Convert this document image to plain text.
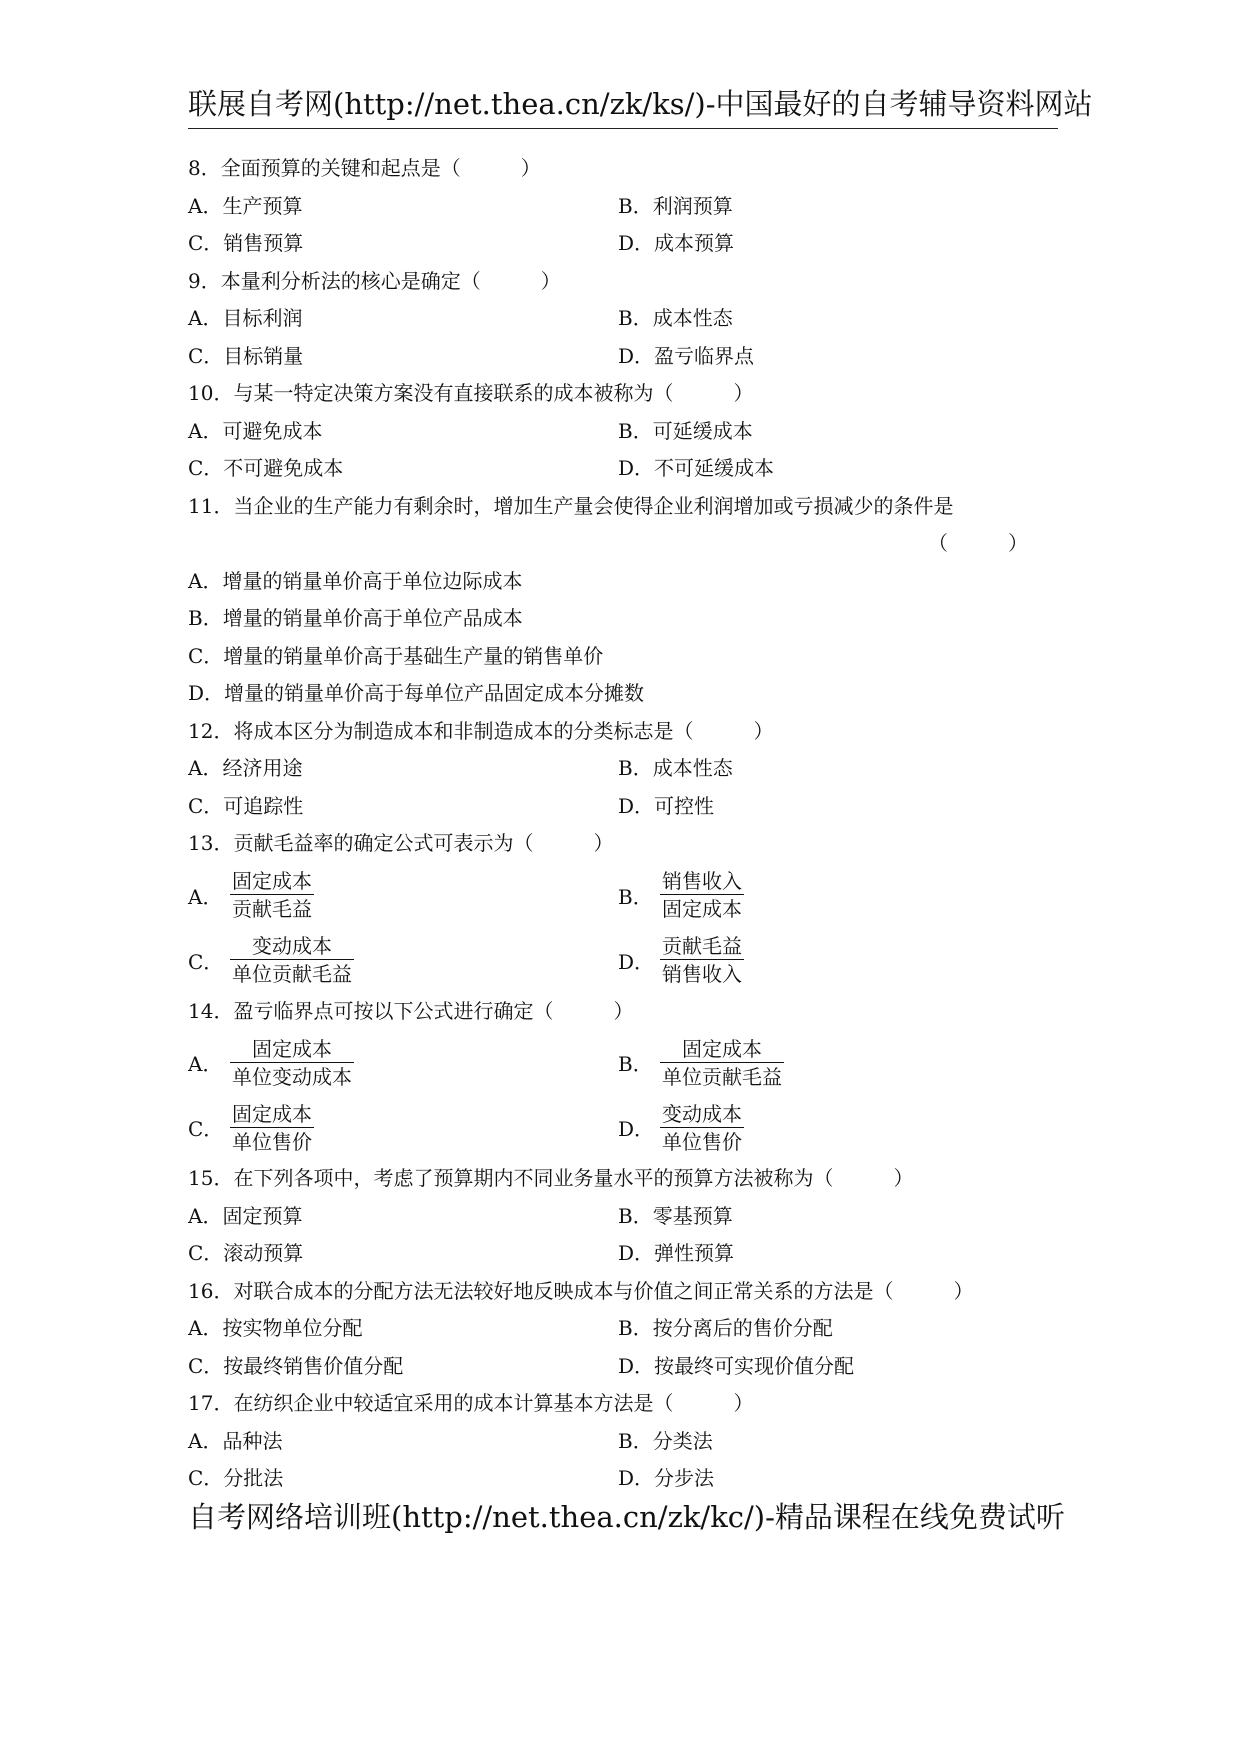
联展自考网(http://net.thea.cn/zk/ks/)-中国最好的自考辅导资料网站
8．全面预算的关键和起点是（　　　）
A．生产预算	B．利润预算
C．销售预算	D．成本预算
9．本量利分析法的核心是确定（　　　）
A．目标利润	B．成本性态
C．目标销量	D．盈亏临界点
10．与某一特定决策方案没有直接联系的成本被称为（　　　）
A．可避免成本	B．可延缓成本
C．不可避免成本	D．不可延缓成本
11．当企业的生产能力有剩余时，增加生产量会使得企业利润增加或亏损减少的条件是
（　　　）
A．增量的销量单价高于单位边际成本
B．增量的销量单价高于单位产品成本
C．增量的销量单价高于基础生产量的销售单价
D．增量的销量单价高于每单位产品固定成本分摊数
12．将成本区分为制造成本和非制造成本的分类标志是（　　　）
A．经济用途	B．成本性态
C．可追踪性	D．可控性
13．贡献毛益率的确定公式可表示为（　　　）
A． $\frac{\text{固定成本}}{\text{贡献毛益}}$	B． $\frac{\text{销售收入}}{\text{固定成本}}$
C． $\frac{\text{变动成本}}{\text{单位贡献毛益}}$	D． $\frac{\text{贡献毛益}}{\text{销售收入}}$
14．盈亏临界点可按以下公式进行确定（　　　）
A． $\frac{\text{固定成本}}{\text{单位变动成本}}$	B． $\frac{\text{固定成本}}{\text{单位贡献毛益}}$
C． $\frac{\text{固定成本}}{\text{单位售价}}$	D． $\frac{\text{变动成本}}{\text{单位售价}}$
15．在下列各项中，考虑了预算期内不同业务量水平的预算方法被称为（　　　）
A．固定预算	B．零基预算
C．滚动预算	D．弹性预算
16．对联合成本的分配方法无法较好地反映成本与价值之间正常关系的方法是（　　　）
A．按实物单位分配	B．按分离后的售价分配
C．按最终销售价值分配	D．按最终可实现价值分配
17．在纺织企业中较适宜采用的成本计算基本方法是（　　　）
A．品种法	B．分类法
C．分批法	D．分步法
自考网络培训班(http://net.thea.cn/zk/kc/)-精品课程在线免费试听
